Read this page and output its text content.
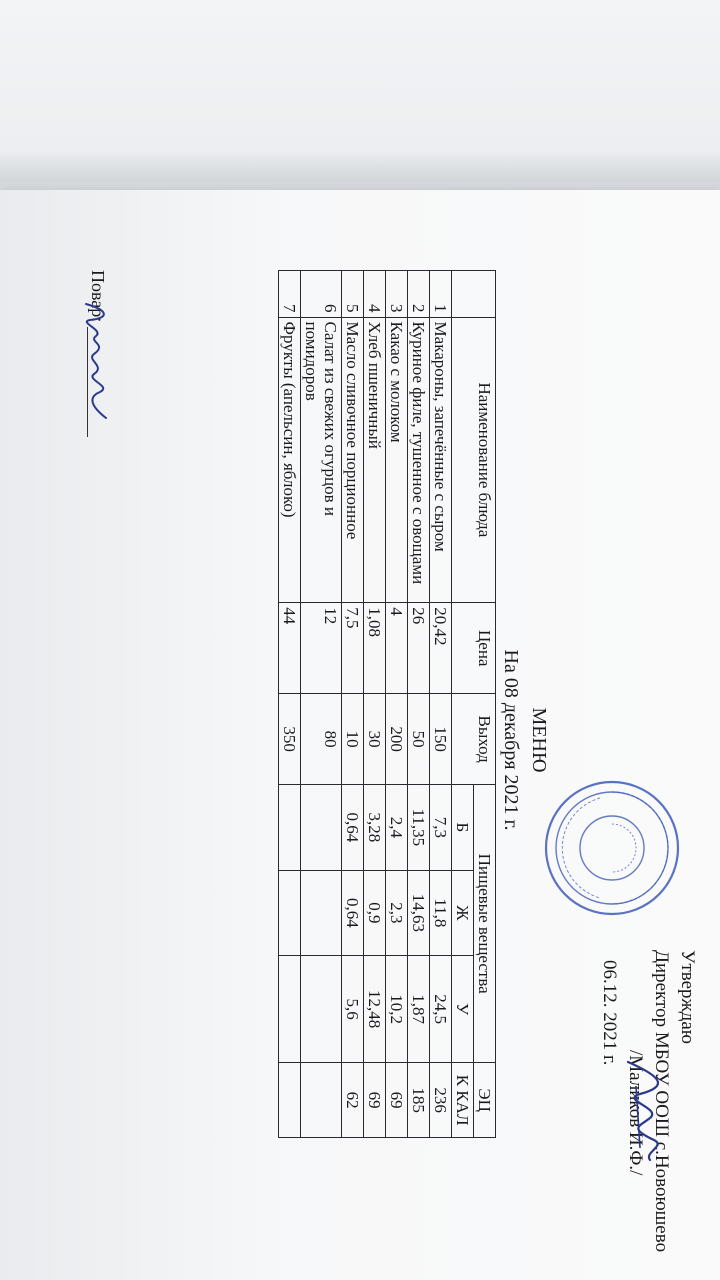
Утверждаю
Директор МБОУ ООШ с.Новоюшево
/Маликов И.Ф./
06.12. 2021 г.
МЕНЮ
На 08 декабря 2021 г.
	Наименование блюда	Цена	Выход	Пищевые вещества			ЭЦ
				Б	Ж	У	К КАЛ
1	Макароны, запечённые с сыром	20,42	150	7,3	11,8	24,5	236
2	Куриное филе, тушенное с овощами	26	50	11,35	14,63	1,87	185
3	Какао с молоком	4	200	2,4	2,3	10,2	69
4	Хлеб пшеничный	1,08	30	3,28	0,9	12,48	69
5	Масло сливочное порционное	7,5	10	0,64	0,64	5,6	62
6	Салат из свежих огурцов и помидоров	12	80				
7	Фрукты (апельсин, яблоко)	44	350				
Повар:
